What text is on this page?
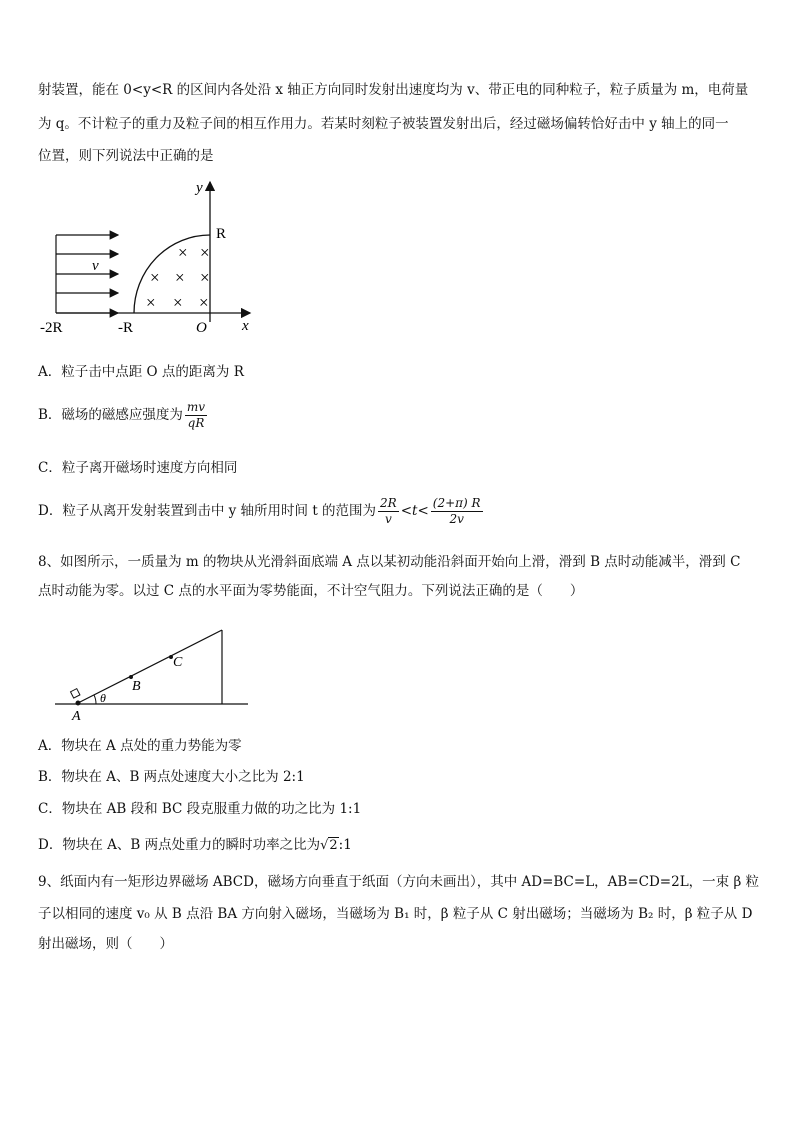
射装置，能在 0<y<R 的区间内各处沿 x 轴正方向同时发射出速度均为 v、带正电的同种粒子，粒子质量为 m，电荷量
为 q。不计粒子的重力及粒子间的相互作用力。若某时刻粒子被装置发射出后，经过磁场偏转恰好击中 y 轴上的同一
位置，则下列说法中正确的是
× ×
× × ×
× × ×
y
x
R
v
-2R	-R	O
A．粒子击中点距 O 点的距离为 R
B．磁场的磁感应强度为 $\frac{mv}{qR}$
C．粒子离开磁场时速度方向相同
D．粒子从离开发射装置到击中 y 轴所用时间 t 的范围为 $\frac{2R}{v} <t< \frac{(2+\pi) R}{2v}$
8、如图所示，一质量为 m 的物块从光滑斜面底端 A 点以某初动能沿斜面开始向上滑，滑到 B 点时动能减半，滑到 C
点时动能为零。以过 C 点的水平面为零势能面，不计空气阻力。下列说法正确的是（　　）
A
B
C
θ
A．物块在 A 点处的重力势能为零
B．物块在 A、B 两点处速度大小之比为 2:1
C．物块在 AB 段和 BC 段克服重力做的功之比为 1:1
D．物块在 A、B 两点处重力的瞬时功率之比为√2:1
9、纸面内有一矩形边界磁场 ABCD，磁场方向垂直于纸面（方向未画出），其中 AD=BC=L，AB=CD=2L，一束 β 粒
子以相同的速度 v₀ 从 B 点沿 BA 方向射入磁场，当磁场为 B₁ 时，β 粒子从 C 射出磁场；当磁场为 B₂ 时，β 粒子从 D
射出磁场，则（　　）
